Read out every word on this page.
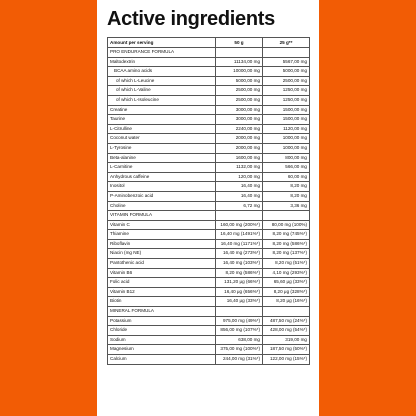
Active ingredients
Amount per serving	50 g	25 g**
PRO ENDURANCE FORMULA		
Maltodextrin	11134,00 mg	5567,00 mg
BCAA amino acids	10000,00 mg	5000,00 mg
of which L-Leucine	5000,00 mg	2500,00 mg
of which L-Valine	2500,00 mg	1250,00 mg
of which L-Isoleucine	2500,00 mg	1250,00 mg
Creatine	3000,00 mg	1500,00 mg
Taurine	3000,00 mg	1500,00 mg
L-Citrulline	2240,00 mg	1120,00 mg
Coconut water	2000,00 mg	1000,00 mg
L-Tyrosine	2000,00 mg	1000,00 mg
Beta-alanine	1600,00 mg	800,00 mg
L-Carnitine	1132,00 mg	566,00 mg
Anhydrous caffeine	120,00 mg	60,00 mg
Inositol	16,40 mg	8,20 mg
P-Aminobenzoic acid	16,40 mg	8,20 mg
Choline	6,72 mg	3,36 mg
VITAMIN FORMULA		
Vitamin C	160,00 mg (200%*)	80,00 mg (100%)
Thiamine	16,40 mg (1491%*)	8,20 mg (745%*)
Riboflavin	16,40 mg (1171%*)	8,20 mg (586%*)
Niacin (mg NE)	16,40 mg (273%*)	8,20 mg (137%*)
Pantothenic acid	16,40 mg (103%*)	8,20 mg (51%*)
Vitamin B6	8,20 mg (586%*)	4,10 mg (293%*)
Folic acid	131,20 μg (66%*)	65,60 μg (33%*)
Vitamin B12	16,40 μg (656%*)	8,20 μg (328%*)
Biotin	16,40 μg (33%*)	8,20 μg (16%*)
MINERAL FORMULA		
Potassium	975,00 mg (49%*)	487,50 mg (24%*)
Chloride	856,00 mg (107%*)	428,00 mg (54%*)
Sodium	638,00 mg	319,00 mg
Magnesium	375,00 mg (100%*)	187,50 mg (50%*)
Calcium	244,00 mg (31%*)	122,00 mg (15%*)
